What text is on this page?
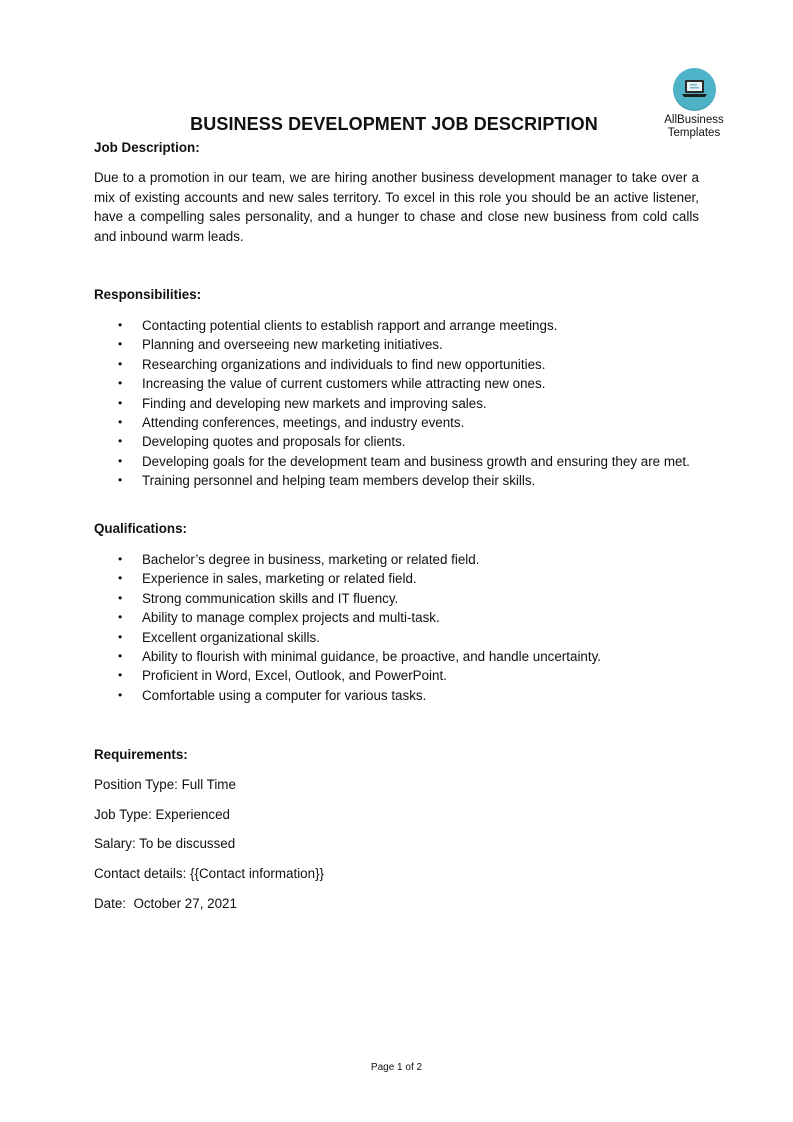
AllBusiness
Templates
BUSINESS DEVELOPMENT JOB DESCRIPTION
Job Description:

Due to a promotion in our team, we are hiring another business development manager to take over a mix of existing accounts and new sales territory. To excel in this role you should be an active listener, have a compelling sales personality, and a hunger to chase and close new business from cold calls and inbound warm leads.

Responsibilities:
• Contacting potential clients to establish rapport and arrange meetings.
• Planning and overseeing new marketing initiatives.
• Researching organizations and individuals to find new opportunities.
• Increasing the value of current customers while attracting new ones.
• Finding and developing new markets and improving sales.
• Attending conferences, meetings, and industry events.
• Developing quotes and proposals for clients.
• Developing goals for the development team and business growth and ensuring they are met.
• Training personnel and helping team members develop their skills.
Qualifications:
• Bachelor’s degree in business, marketing or related field.
• Experience in sales, marketing or related field.
• Strong communication skills and IT fluency.
• Ability to manage complex projects and multi-task.
• Excellent organizational skills.
• Ability to flourish with minimal guidance, be proactive, and handle uncertainty.
• Proficient in Word, Excel, Outlook, and PowerPoint.
• Comfortable using a computer for various tasks.
Requirements:
Position Type: Full Time
Job Type: Experienced
Salary: To be discussed
Contact details: {{Contact information}}
Date:  October 27, 2021
Page 1 of 2
